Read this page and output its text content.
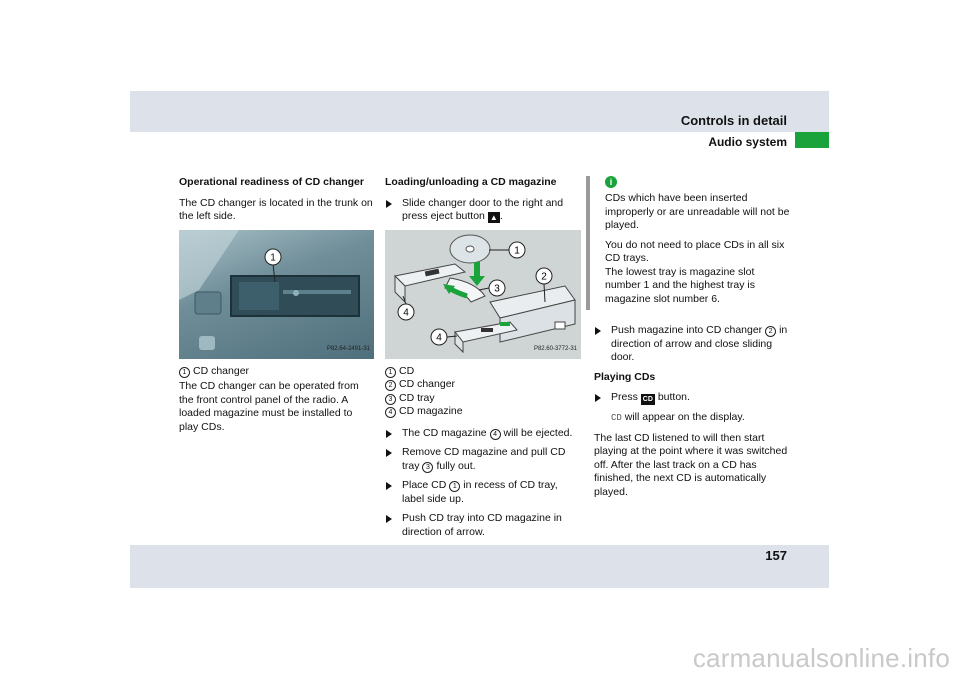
Controls in detail
Audio system

Operational readiness of CD changer

The CD changer is located in the trunk on the left side.

1
P82.64-2491-31
1 CD changer

The CD changer can be operated from the front control panel of the radio. A loaded magazine must be installed to play CDs.

Loading/unloading a CD magazine

Slide changer door to the right and press eject button ▲ .

1
2
3
4
4
P82.60-3772-31
1 CD
2 CD changer
3 CD tray
4 CD magazine

The CD magazine 4 will be ejected.

Remove CD magazine and pull CD tray 3 fully out.

Place CD 1 in recess of CD tray, label side up.

Push CD tray into CD magazine in direction of arrow.

i

CDs which have been inserted improperly or are unreadable will not be played.

You do not need to place CDs in all six CD trays.

The lowest tray is magazine slot number 1 and the highest tray is magazine slot number 6.

Push magazine into CD changer 2 in direction of arrow and close sliding door.

Playing CDs

Press CD button.

CD will appear on the display.

The last CD listened to will then start playing at the point where it was switched off. After the last track on a CD has finished, the next CD is automatically played.

157
carmanualsonline.info
